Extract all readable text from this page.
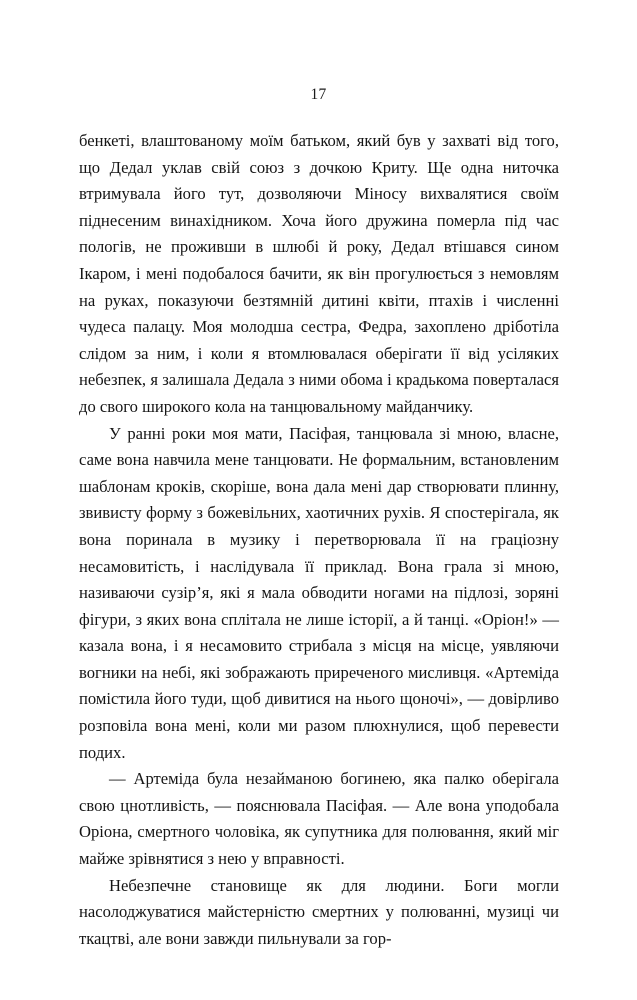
17

бенкеті, влаштованому моїм батьком, який був у захваті від того, що Дедал уклав свій союз з дочкою Криту. Ще одна ниточка втримувала його тут, дозволяючи Міносу вихвалятися своїм піднесеним винахідником. Хоча його дружина померла під час пологів, не проживши в шлюбі й року, Дедал втішався сином Ікаром, і мені подобалося бачити, як він прогулюється з немовлям на руках, показуючи безтямній дитині квіти, птахів і численні чудеса палацу. Моя молодша сестра, Федра, захоплено дріботіла слідом за ним, і коли я втомлювалася оберігати її від усіляких небезпек, я залишала Дедала з ними обома і крадькома поверталася до свого широкого кола на танцювальному майданчику.

У ранні роки моя мати, Пасіфая, танцювала зі мною, власне, саме вона навчила мене танцювати. Не формальним, встановленим шаблонам кроків, скоріше, вона дала мені дар створювати плинну, звивисту форму з божевільних, хаотичних рухів. Я спостерігала, як вона поринала в музику і перетворювала її на граціозну несамовитість, і наслідувала її приклад. Вона грала зі мною, називаючи сузір’я, які я мала обводити ногами на підлозі, зоряні фігури, з яких вона сплітала не лише історії, а й танці. «Оріон!» — казала вона, і я несамовито стрибала з місця на місце, уявляючи вогники на небі, які зображають приреченого мисливця. «Артеміда помістила його туди, щоб дивитися на нього щоночі», — довірливо розповіла вона мені, коли ми разом плюхнулися, щоб перевести подих.

— Артеміда була незайманою богинею, яка палко оберігала свою цнотливість, — пояснювала Пасіфая. — Але вона уподобала Оріона, смертного чоловіка, як супутника для полювання, який міг майже зрівнятися з нею у вправності.

Небезпечне становище як для людини. Боги могли насолоджуватися майстерністю смертних у полюванні, музиці чи ткацтві, але вони завжди пильнували за гор-
